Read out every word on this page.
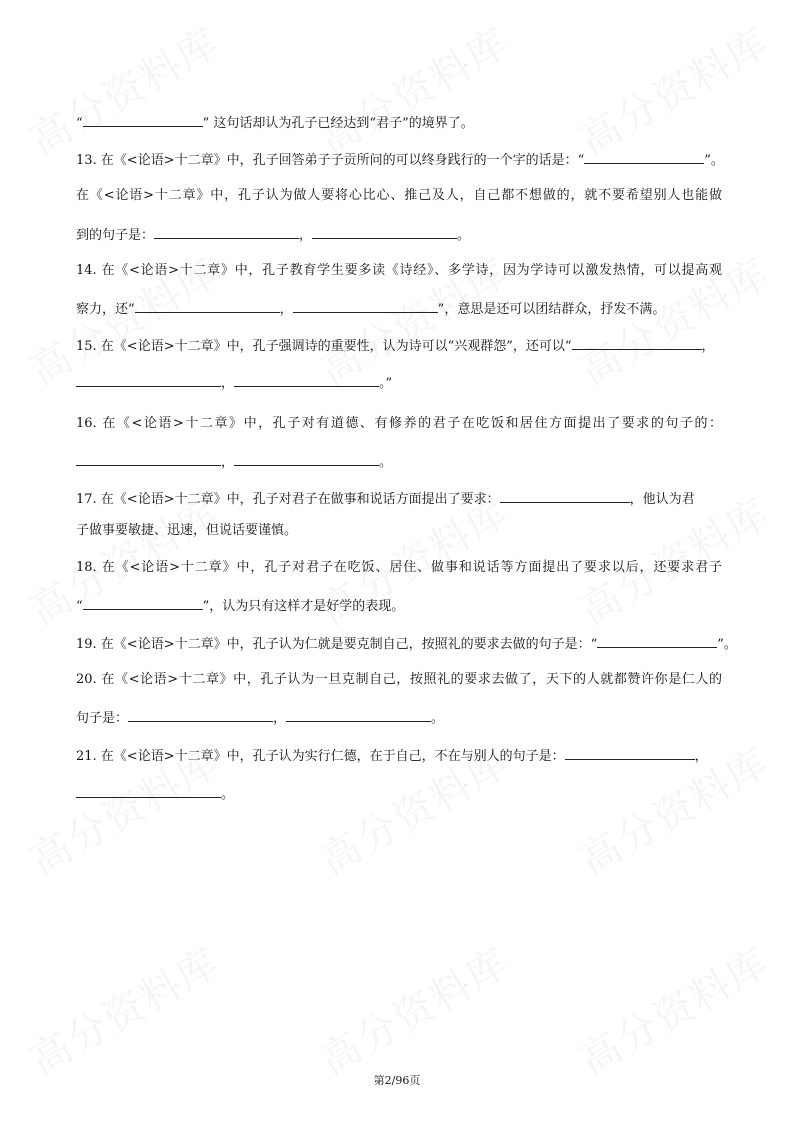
“	” 这句话却认为孔子已经达到“君子”的境界了。
13. 在《<论语>十二章》中，孔子回答弟子子贡所问的可以终身践行的一个字的话是：“	”。
在《<论语>十二章》中，孔子认为做人要将心比心、推己及人，自己都不想做的，就不要希望别人也能做
到的句子是：	，	。
14. 在《<论语>十二章》中，孔子教育学生要多读《诗经》、多学诗，因为学诗可以激发热情，可以提高观
察力，还“	，	”，意思是还可以团结群众，抒发不满。
15. 在《<论语>十二章》中，孔子强调诗的重要性，认为诗可以“兴观群怨”，还可以“	，
，	。”
16. 在《<论语>十二章》中，孔子对有道德、有修养的君子在吃饭和居住方面提出了要求的句子的：
，	。
17. 在《<论语>十二章》中，孔子对君子在做事和说话方面提出了要求：	，他认为君
子做事要敏捷、迅速，但说话要谨慎。
18. 在《<论语>十二章》中，孔子对君子在吃饭、居住、做事和说话等方面提出了要求以后，还要求君子
“	”，认为只有这样才是好学的表现。
19. 在《<论语>十二章》中，孔子认为仁就是要克制自己，按照礼的要求去做的句子是：“	”。
20. 在《<论语>十二章》中，孔子认为一旦克制自己，按照礼的要求去做了，天下的人就都赞许你是仁人的
句子是：	，	。
21. 在《<论语>十二章》中，孔子认为实行仁德，在于自己，不在与别人的句子是：	，
。
第2/96页
